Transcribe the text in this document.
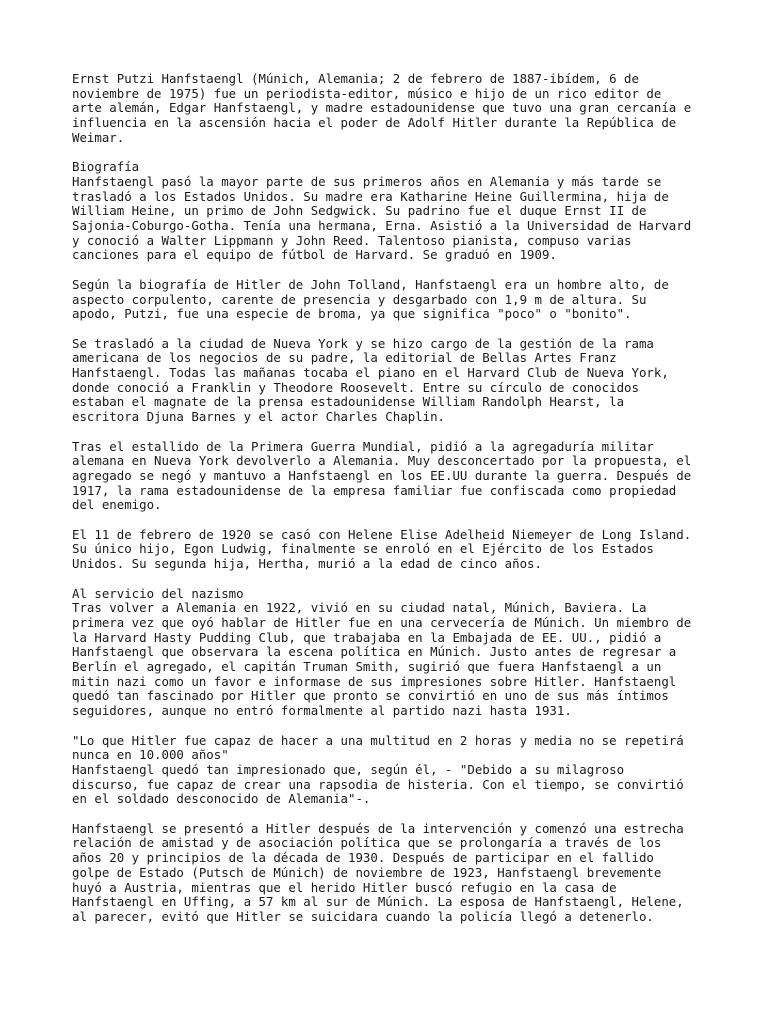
Ernst Putzi Hanfstaengl (Múnich, Alemania; 2 de febrero de 1887-ibídem, 6 de
noviembre de 1975) fue un periodista-editor, músico e hijo de un rico editor de
arte alemán, Edgar Hanfstaengl, y madre estadounidense que tuvo una gran cercanía e
influencia en la ascensión hacia el poder de Adolf Hitler durante la República de
Weimar.
Biografía
Hanfstaengl pasó la mayor parte de sus primeros años en Alemania y más tarde se
trasladó a los Estados Unidos. Su madre era Katharine Heine Guillermina, hija de
William Heine, un primo de John Sedgwick. Su padrino fue el duque Ernst II de
Sajonia-Coburgo-Gotha. Tenía una hermana, Erna. Asistió a la Universidad de Harvard
y conoció a Walter Lippmann y John Reed. Talentoso pianista, compuso varias
canciones para el equipo de fútbol de Harvard. Se graduó en 1909.
Según la biografía de Hitler de John Tolland, Hanfstaengl era un hombre alto, de
aspecto corpulento, carente de presencia y desgarbado con 1,9 m de altura. Su
apodo, Putzi, fue una especie de broma, ya que significa "poco" o "bonito".
Se trasladó a la ciudad de Nueva York y se hizo cargo de la gestión de la rama
americana de los negocios de su padre, la editorial de Bellas Artes Franz
Hanfstaengl. Todas las mañanas tocaba el piano en el Harvard Club de Nueva York,
donde conoció a Franklin y Theodore Roosevelt. Entre su círculo de conocidos
estaban el magnate de la prensa estadounidense William Randolph Hearst, la
escritora Djuna Barnes y el actor Charles Chaplin.
Tras el estallido de la Primera Guerra Mundial, pidió a la agregaduría militar
alemana en Nueva York devolverlo a Alemania. Muy desconcertado por la propuesta, el
agregado se negó y mantuvo a Hanfstaengl en los EE.UU durante la guerra. Después de
1917, la rama estadounidense de la empresa familiar fue confiscada como propiedad
del enemigo.
El 11 de febrero de 1920 se casó con Helene Elise Adelheid Niemeyer de Long Island.
Su único hijo, Egon Ludwig, finalmente se enroló en el Ejército de los Estados
Unidos. Su segunda hija, Hertha, murió a la edad de cinco años.
Al servicio del nazismo
Tras volver a Alemania en 1922, vivió en su ciudad natal, Múnich, Baviera. La
primera vez que oyó hablar de Hitler fue en una cervecería de Múnich. Un miembro de
la Harvard Hasty Pudding Club, que trabajaba en la Embajada de EE. UU., pidió a
Hanfstaengl que observara la escena política en Múnich. Justo antes de regresar a
Berlín el agregado, el capitán Truman Smith, sugirió que fuera Hanfstaengl a un
mitin nazi como un favor e informase de sus impresiones sobre Hitler. Hanfstaengl
quedó tan fascinado por Hitler que pronto se convirtió en uno de sus más íntimos
seguidores, aunque no entró formalmente al partido nazi hasta 1931.
"Lo que Hitler fue capaz de hacer a una multitud en 2 horas y media no se repetirá
nunca en 10.000 años"
Hanfstaengl quedó tan impresionado que, según él, - "Debido a su milagroso
discurso, fue capaz de crear una rapsodia de histeria. Con el tiempo, se convirtió
en el soldado desconocido de Alemania"-.
Hanfstaengl se presentó a Hitler después de la intervención y comenzó una estrecha
relación de amistad y de asociación política que se prolongaría a través de los
años 20 y principios de la década de 1930. Después de participar en el fallido
golpe de Estado (Putsch de Múnich) de noviembre de 1923, Hanfstaengl brevemente
huyó a Austria, mientras que el herido Hitler buscó refugio en la casa de
Hanfstaengl en Uffing, a 57 km al sur de Múnich. La esposa de Hanfstaengl, Helene,
al parecer, evitó que Hitler se suicidara cuando la policía llegó a detenerlo.
